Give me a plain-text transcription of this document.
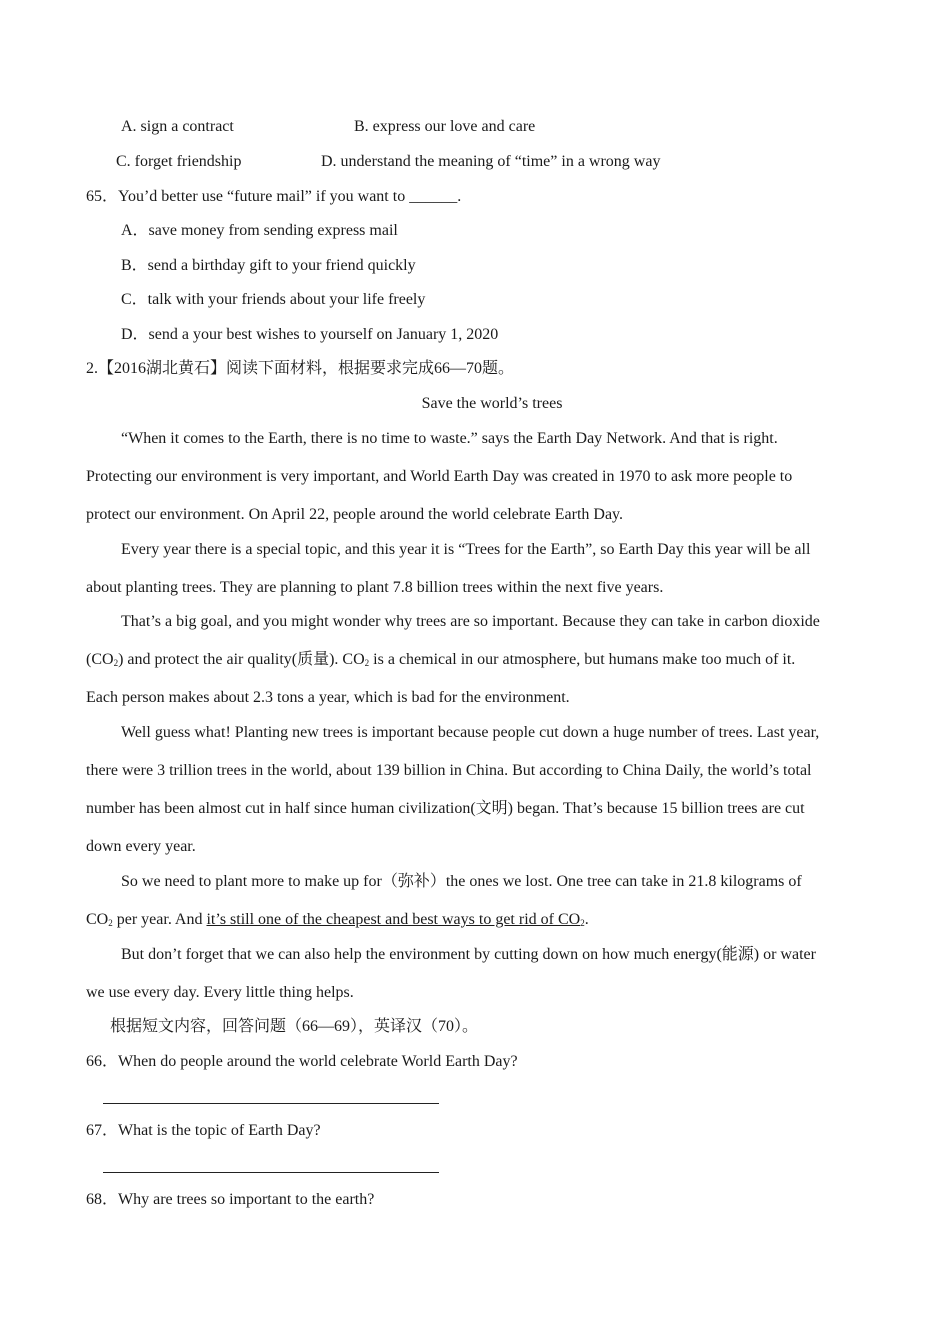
A. sign a contract	B. express our love and care
C. forget friendship	D. understand the meaning of “time” in a wrong way
65．You’d better use “future mail” if you want to ______.
A．save money from sending express mail
B．send a birthday gift to your friend quickly
C．talk with your friends about your life freely
D．send a your best wishes to yourself on January 1, 2020
2.【2016湖北黄石】阅读下面材料，根据要求完成66—70题。
Save the world’s trees
“When it comes to the Earth, there is no time to waste.” says the Earth Day Network. And that is right.
Protecting our environment is very important, and World Earth Day was created in 1970 to ask more people to
protect our environment. On April 22, people around the world celebrate Earth Day.
Every year there is a special topic, and this year it is “Trees for the Earth”, so Earth Day this year will be all
about planting trees. They are planning to plant 7.8 billion trees within the next five years.
That’s a big goal, and you might wonder why trees are so important. Because they can take in carbon dioxide
$(CO_2)$ and protect the air quality(质量). $CO_2$ is a chemical in our atmosphere, but humans make too much of it.
Each person makes about 2.3 tons a year, which is bad for the environment.
Well guess what! Planting new trees is important because people cut down a huge number of trees. Last year,
there were 3 trillion trees in the world, about 139 billion in China. But according to China Daily, the world’s total
number has been almost cut in half since human civilization(文明) began. That’s because 15 billion trees are cut
down every year.
So we need to plant more to make up for（弥补）the ones we lost. One tree can take in 21.8 kilograms of
$CO_2$ per year. And it’s still one of the cheapest and best ways to get rid of $CO_2$.
But don’t forget that we can also help the environment by cutting down on how much energy(能源) or water
we use every day. Every little thing helps.
根据短文内容，回答问题（66—69），英译汉（70）。
66．When do people around the world celebrate World Earth Day?
67．What is the topic of Earth Day?
68．Why are trees so important to the earth?
